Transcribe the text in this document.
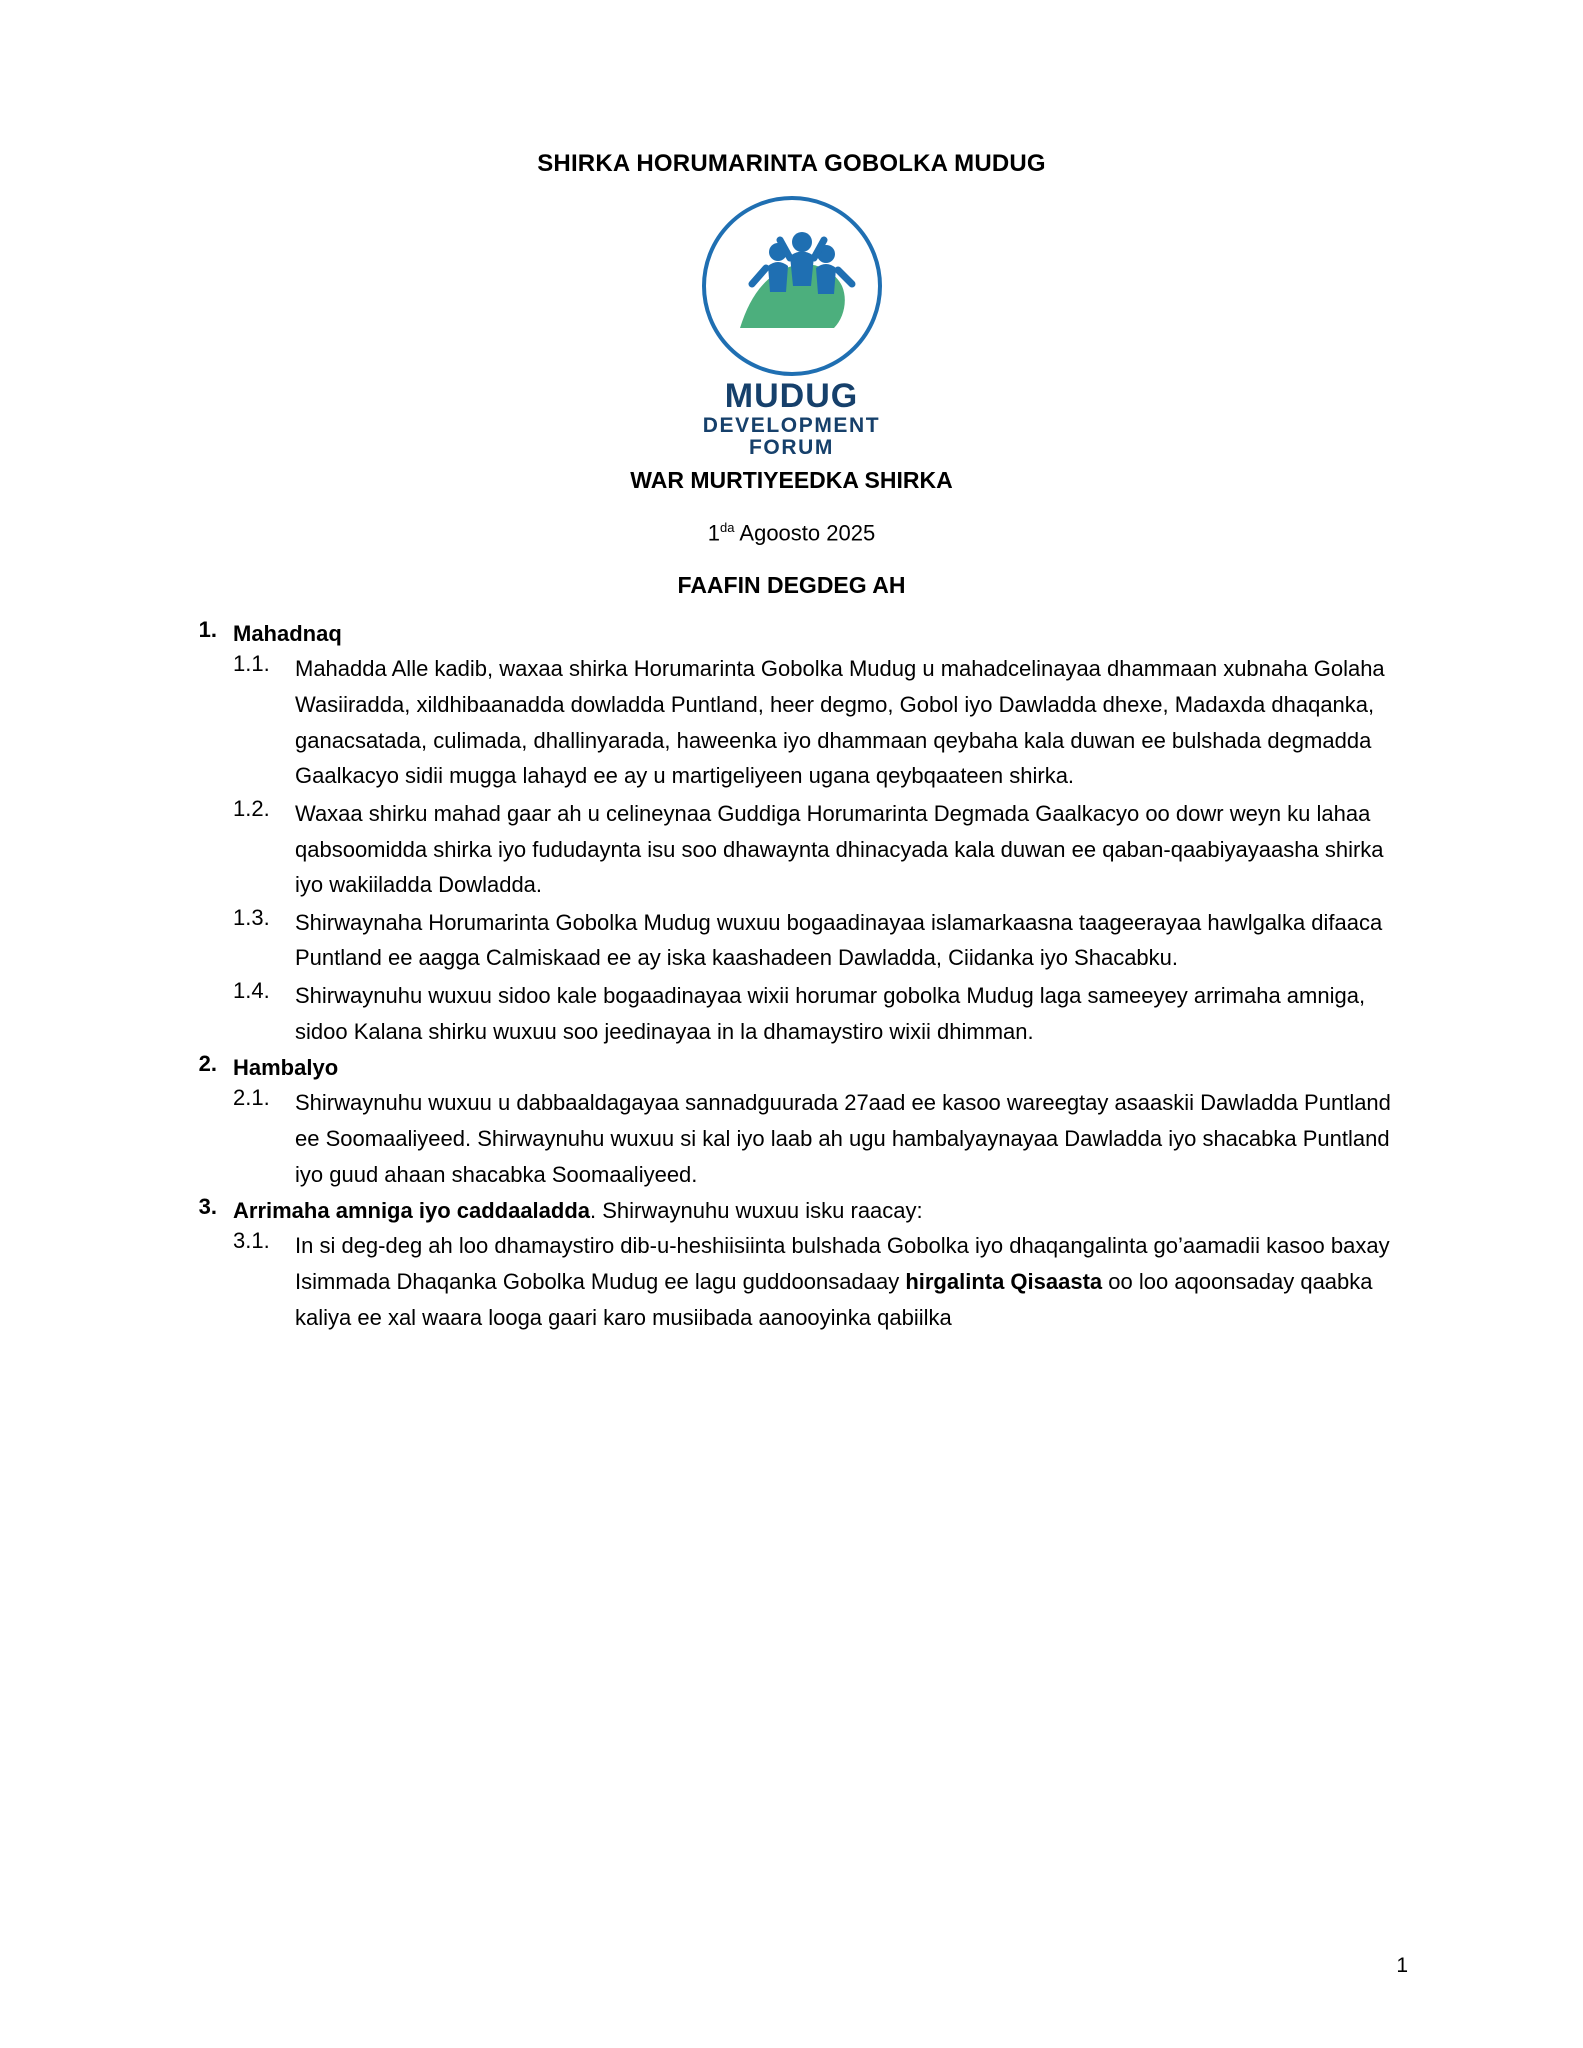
SHIRKA HORUMARINTA GOBOLKA MUDUG
MUDUG
DEVELOPMENT
FORUM
WAR MURTIYEEDKA SHIRKA
$1^{da}$ Agoosto 2025
FAAFIN DEGDEG AH
1. Mahadnaq
1.1.	Mahadda Alle kadib, waxaa shirka Horumarinta Gobolka Mudug u mahadcelinayaa dhammaan xubnaha Golaha Wasiiradda, xildhibaanadda dowladda Puntland, heer degmo, Gobol iyo Dawladda dhexe, Madaxda dhaqanka, ganacsatada, culimada, dhallinyarada, haweenka iyo dhammaan qeybaha kala duwan ee bulshada degmadda Gaalkacyo sidii mugga lahayd ee ay u martigeliyeen ugana qeybqaateen shirka.
1.2.	Waxaa shirku mahad gaar ah u celineynaa Guddiga Horumarinta Degmada Gaalkacyo oo dowr weyn ku lahaa qabsoomidda shirka iyo fududaynta isu soo dhawaynta dhinacyada kala duwan ee qaban-qaabiyayaasha shirka iyo wakiiladda Dowladda.
1.3.	Shirwaynaha Horumarinta Gobolka Mudug wuxuu bogaadinayaa islamarkaasna taageerayaa hawlgalka difaaca Puntland ee aagga Calmiskaad ee ay iska kaashadeen Dawladda, Ciidanka iyo Shacabku.
1.4.	Shirwaynuhu wuxuu sidoo kale bogaadinayaa wixii horumar gobolka Mudug laga sameeyey arrimaha amniga, sidoo Kalana shirku wuxuu soo jeedinayaa in la dhamaystiro wixii dhimman.
2. Hambalyo
2.1.	Shirwaynuhu wuxuu u dabbaaldagayaa sannadguurada 27aad ee kasoo wareegtay asaaskii Dawladda Puntland ee Soomaaliyeed. Shirwaynuhu wuxuu si kal iyo laab ah ugu hambalyaynayaa Dawladda iyo shacabka Puntland iyo guud ahaan shacabka Soomaaliyeed.
3. Arrimaha amniga iyo caddaaladda. Shirwaynuhu wuxuu isku raacay:
3.1.	In si deg-deg ah loo dhamaystiro dib-u-heshiisiinta bulshada Gobolka iyo dhaqangalinta go’aamadii kasoo baxay Isimmada Dhaqanka Gobolka Mudug ee lagu guddoonsadaay hirgalinta Qisaasta oo loo aqoonsaday qaabka kaliya ee xal waara looga gaari karo musiibada aanooyinka qabiilka
1
